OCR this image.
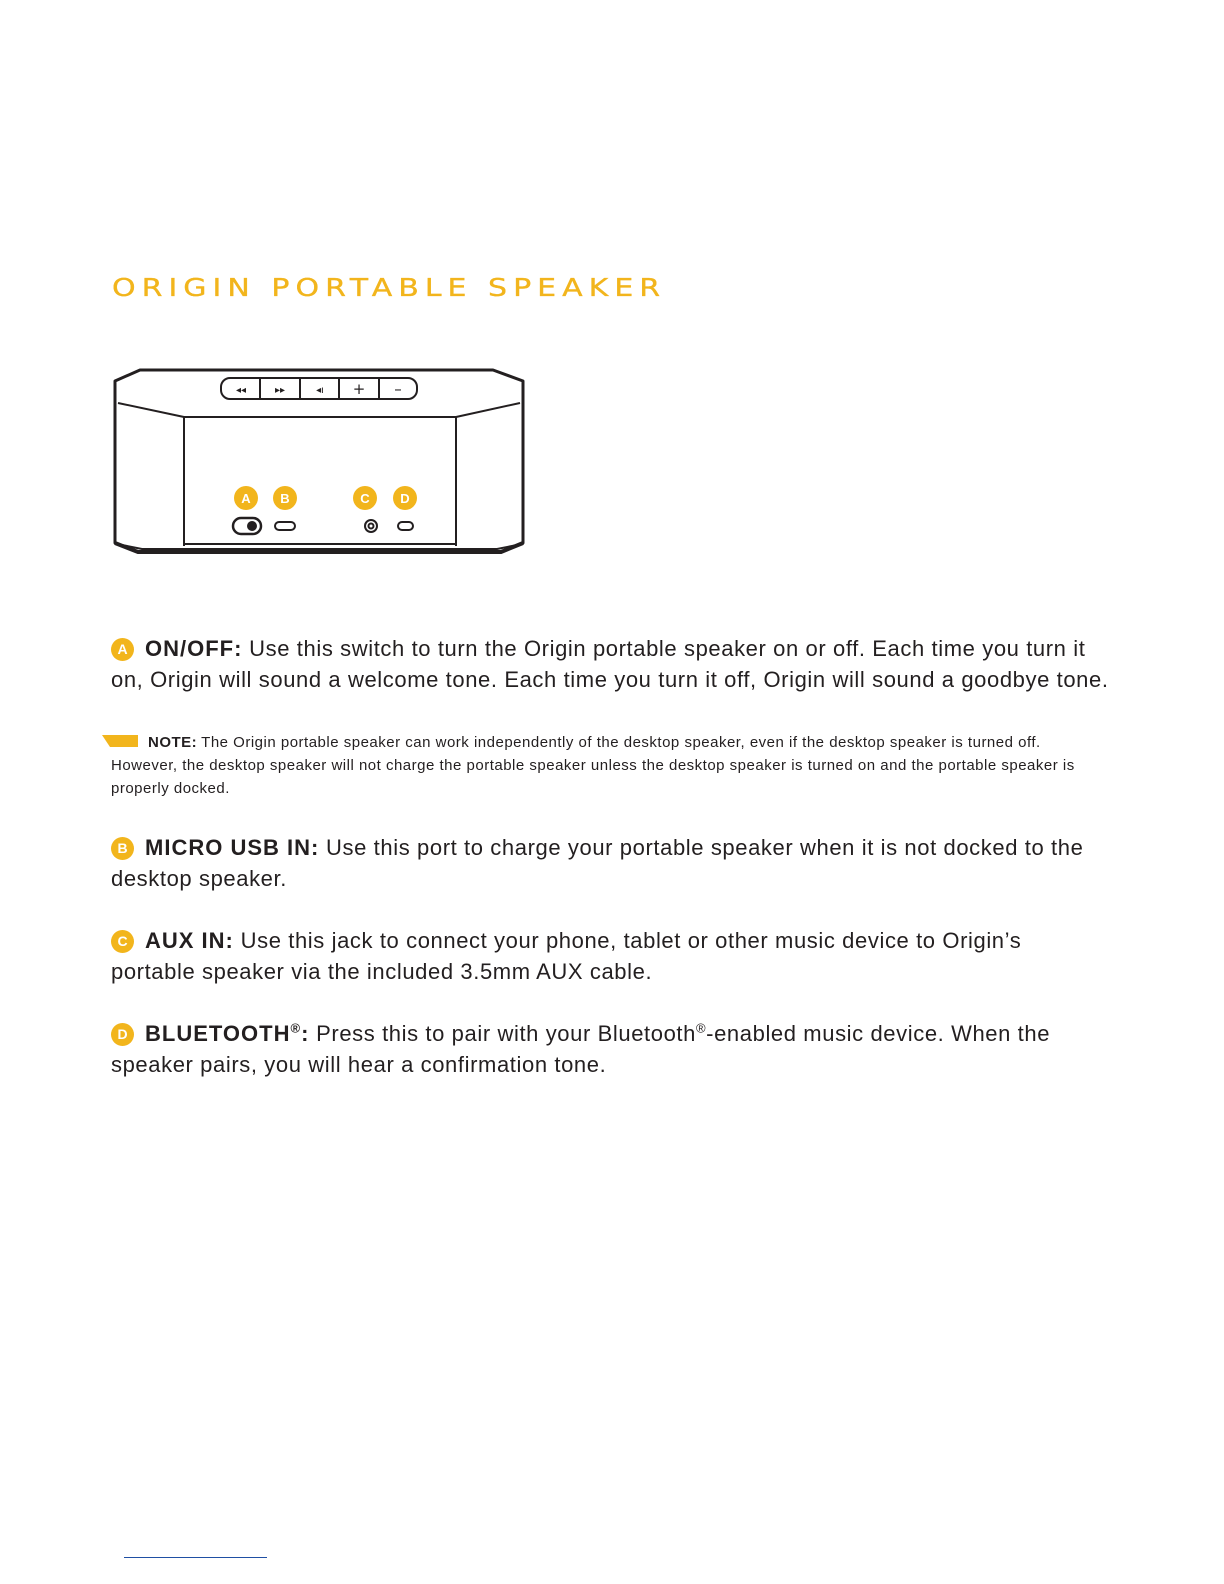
ORIGIN PORTABLE SPEAKER
◂◂	▸▸	◂ı + –
A B	C D

A ON/OFF: Use this switch to turn the Origin portable speaker on or off. Each time you turn it on, Origin will sound a welcome tone. Each time you turn it off, Origin will sound a goodbye tone.

NOTE: The Origin portable speaker can work independently of the desktop speaker, even if the desktop speaker is turned off. However, the desktop speaker will not charge the portable speaker unless the desktop speaker is turned on and the portable speaker is properly docked.

B MICRO USB IN: Use this port to charge your portable speaker when it is not docked to the desktop speaker.

C AUX IN: Use this jack to connect your phone, tablet or other music device to Origin’s portable speaker via the included 3.5mm AUX cable.

D BLUETOOTH®: Press this to pair with your Bluetooth®-enabled music device. When the speaker pairs, you will hear a confirmation tone.
